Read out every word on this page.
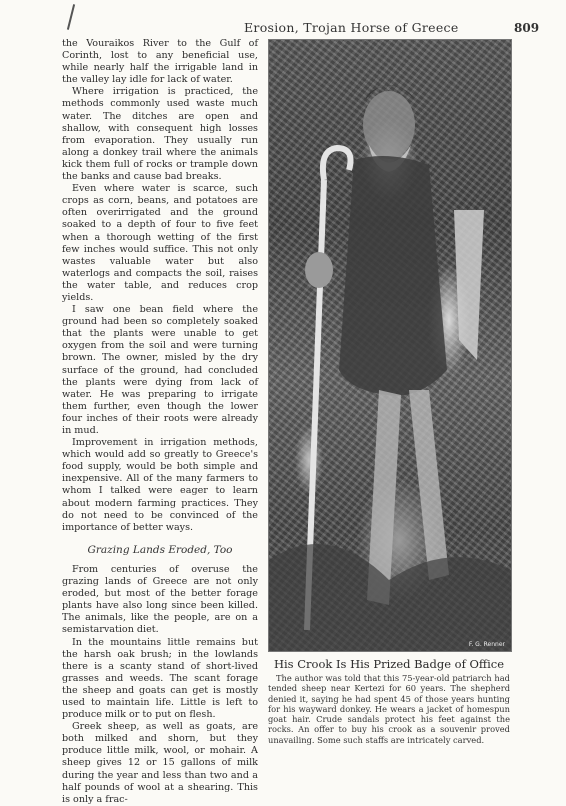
Erosion, Trojan Horse of Greece	809

the Vouraikos River to the Gulf of Corinth, lost to any beneficial use, while nearly half the irrigable land in the valley lay idle for lack of water.

Where irrigation is practiced, the methods commonly used waste much water. The ditches are open and shallow, with consequent high losses from evaporation. They usually run along a donkey trail where the animals kick them full of rocks or trample down the banks and cause bad breaks.

Even where water is scarce, such crops as corn, beans, and potatoes are often overirrigated and the ground soaked to a depth of four to five feet when a thorough wetting of the first few inches would suffice. This not only wastes valuable water but also waterlogs and compacts the soil, raises the water table, and reduces crop yields.

I saw one bean field where the ground had been so completely soaked that the plants were unable to get oxygen from the soil and were turning brown. The owner, misled by the dry surface of the ground, had concluded the plants were dying from lack of water. He was preparing to irrigate them further, even though the lower four inches of their roots were already in mud.

Improvement in irrigation methods, which would add so greatly to Greece's food supply, would be both simple and inexpensive. All of the many farmers to whom I talked were eager to learn about modern farming practices. They do not need to be convinced of the importance of better ways.

Grazing Lands Eroded, Too

From centuries of overuse the grazing lands of Greece are not only eroded, but most of the better forage plants have also long since been killed. The animals, like the people, are on a semistarvation diet.

In the mountains little remains but the harsh oak brush; in the lowlands there is a scanty stand of short-lived grasses and weeds. The scant forage the sheep and goats can get is mostly used to maintain life. Little is left to produce milk or to put on flesh.

Greek sheep, as well as goats, are both milked and shorn, but they produce little milk, wool, or mohair. A sheep gives 12 or 15 gallons of milk during the year and less than two and a half pounds of wool at a shearing. This is only a frac-

F. G. Renner
His Crook Is His Prized Badge of Office
The author was told that this 75-year-old patriarch had tended sheep near Kertezi for 60 years. The shepherd denied it, saying he had spent 45 of those years hunting for his wayward donkey. He wears a jacket of homespun goat hair. Crude sandals protect his feet against the rocks. An offer to buy his crook as a souvenir proved unavailing. Some such staffs are intricately carved.
